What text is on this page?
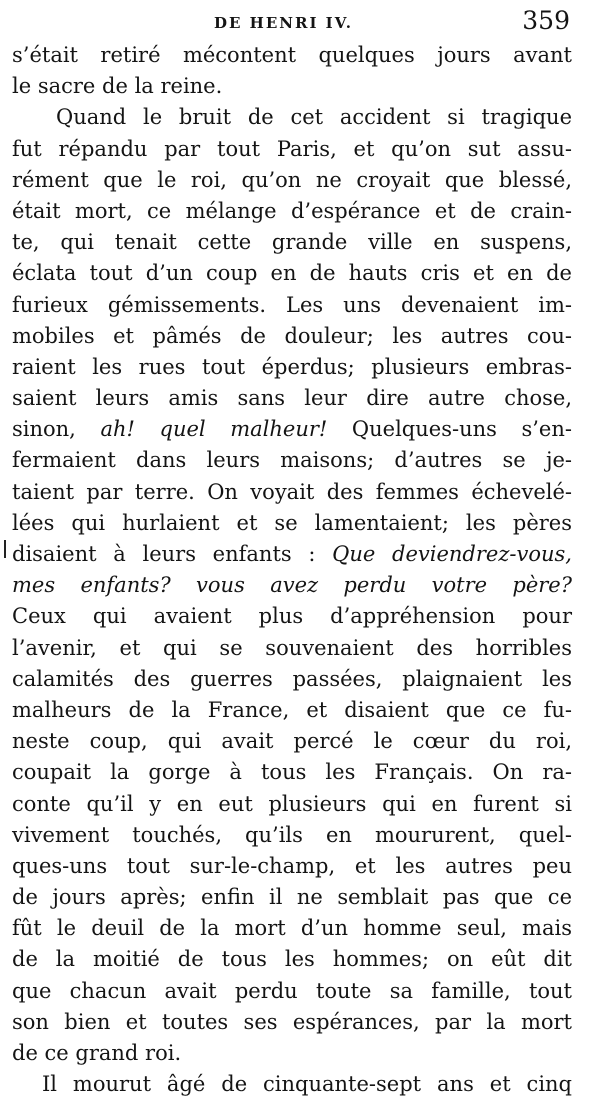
DE HENRI IV.	359
s’était retiré mécontent quelques jours avant
le sacre de la reine.
Quand le bruit de cet accident si tragique
fut répandu par tout Paris, et qu’on sut assu-
rément que le roi, qu’on ne croyait que blessé,
était mort, ce mélange d’espérance et de crain-
te, qui tenait cette grande ville en suspens,
éclata tout d’un coup en de hauts cris et en de
furieux gémissements. Les uns devenaient im-
mobiles et pâmés de douleur; les autres cou-
raient les rues tout éperdus; plusieurs embras-
saient leurs amis sans leur dire autre chose,
sinon, ah! quel malheur! Quelques-uns s’en-
fermaient dans leurs maisons; d’autres se je-
taient par terre. On voyait des femmes échevelé-
lées qui hurlaient et se lamentaient; les pères
disaient à leurs enfants : Que deviendrez-vous,
mes enfants? vous avez perdu votre père?
Ceux qui avaient plus d’appréhension pour
l’avenir, et qui se souvenaient des horribles
calamités des guerres passées, plaignaient les
malheurs de la France, et disaient que ce fu-
neste coup, qui avait percé le cœur du roi,
coupait la gorge à tous les Français. On ra-
conte qu’il y en eut plusieurs qui en furent si
vivement touchés, qu’ils en moururent, quel-
ques-uns tout sur-le-champ, et les autres peu
de jours après; enfin il ne semblait pas que ce
fût le deuil de la mort d’un homme seul, mais
de la moitié de tous les hommes; on eût dit
que chacun avait perdu toute sa famille, tout
son bien et toutes ses espérances, par la mort
de ce grand roi.
Il mourut âgé de cinquante-sept ans et cinq
